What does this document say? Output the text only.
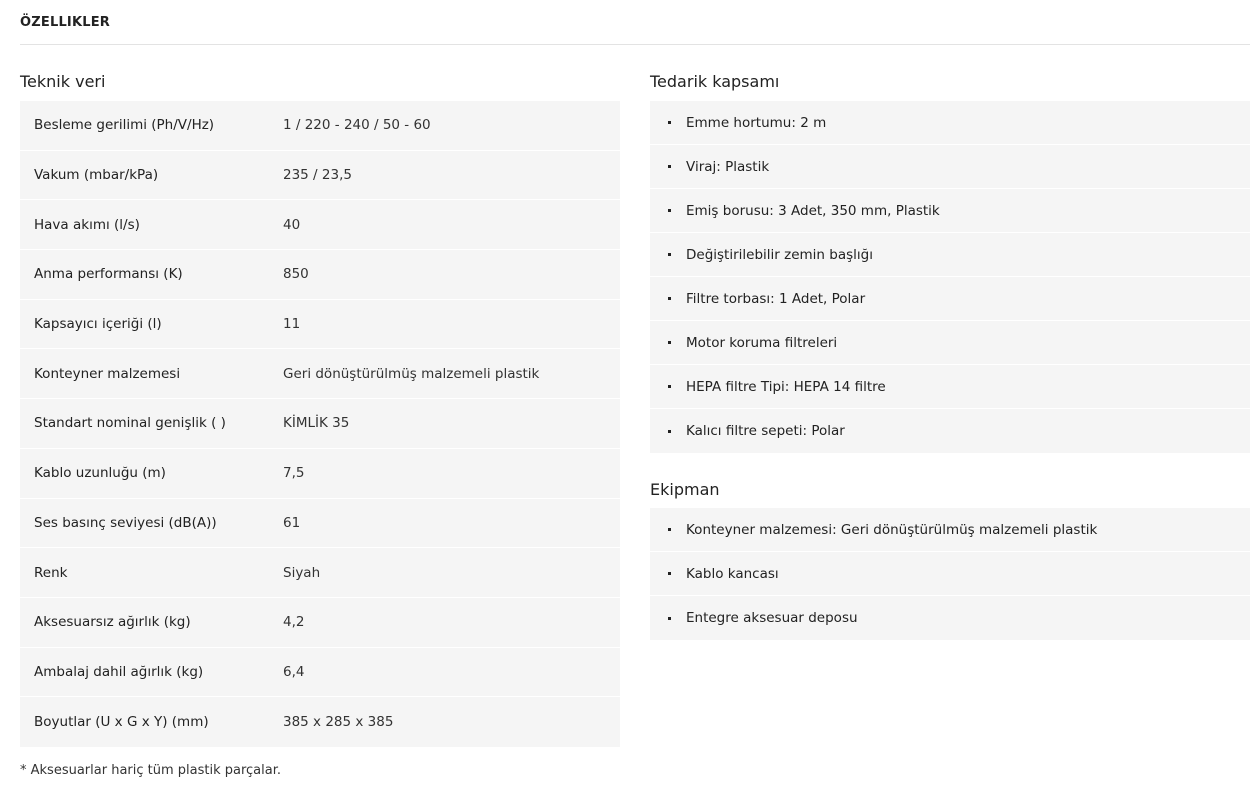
ÖZELLIKLER
Teknik veri
Besleme gerilimi (Ph/V/Hz)	1 / 220 - 240 / 50 - 60
Vakum (mbar/kPa)	235 / 23,5
Hava akımı (l/s)	40
Anma performansı (K)	850
Kapsayıcı içeriği (l)	11
Konteyner malzemesi	Geri dönüştürülmüş malzemeli plastik
Standart nominal genişlik ( )	KİMLİK 35
Kablo uzunluğu (m)	7,5
Ses basınç seviyesi (dB(A))	61
Renk	Siyah
Aksesuarsız ağırlık (kg)	4,2
Ambalaj dahil ağırlık (kg)	6,4
Boyutlar (U x G x Y) (mm)	385 x 285 x 385
Tedarik kapsamı
Emme hortumu: 2 m
Viraj: Plastik
Emiş borusu: 3 Adet, 350 mm, Plastik
Değiştirilebilir zemin başlığı
Filtre torbası: 1 Adet, Polar
Motor koruma filtreleri
HEPA filtre Tipi: HEPA 14 filtre
Kalıcı filtre sepeti: Polar
Ekipman
Konteyner malzemesi: Geri dönüştürülmüş malzemeli plastik
Kablo kancası
Entegre aksesuar deposu
* Aksesuarlar hariç tüm plastik parçalar.
